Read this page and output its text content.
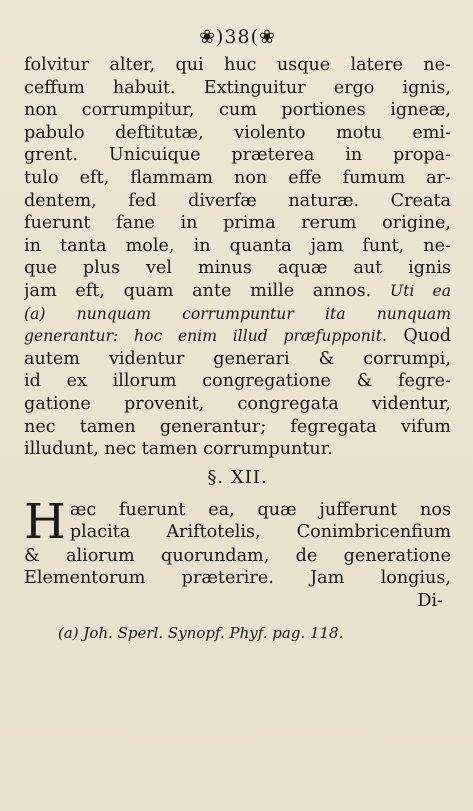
❀)38(❀
folvitur alter, qui huc usque latere ne-
ceffum habuit. Extinguitur ergo ignis,
non corrumpitur, cum portiones igneæ,
pabulo deftitutæ, violento motu emi-
grent. Unicuique præterea in propa-
tulo eft, flammam non effe fumum ar-
dentem, fed diverfæ naturæ. Creata
fuerunt fane in prima rerum origine,
in tanta mole, in quanta jam funt, ne-
que plus vel minus aquæ aut ignis
jam eft, quam ante mille annos. Uti ea
(a) nunquam corrumpuntur ita nunquam
generantur: hoc enim illud præfupponit. Quod
autem videntur generari & corrumpi,
id ex illorum congregatione & fegre-
gatione provenit, congregata videntur,
nec tamen generantur; fegregata vifum
illudunt, nec tamen corrumpuntur.
§. XII.
H æc fuerunt ea, quæ jufferunt nos
placita Ariftotelis, Conimbricenfium
& aliorum quorundam, de generatione
Elementorum præterire. Jam longius,
Di-
(a) Joh. Sperl. Synopf. Phyf. pag. 118.
